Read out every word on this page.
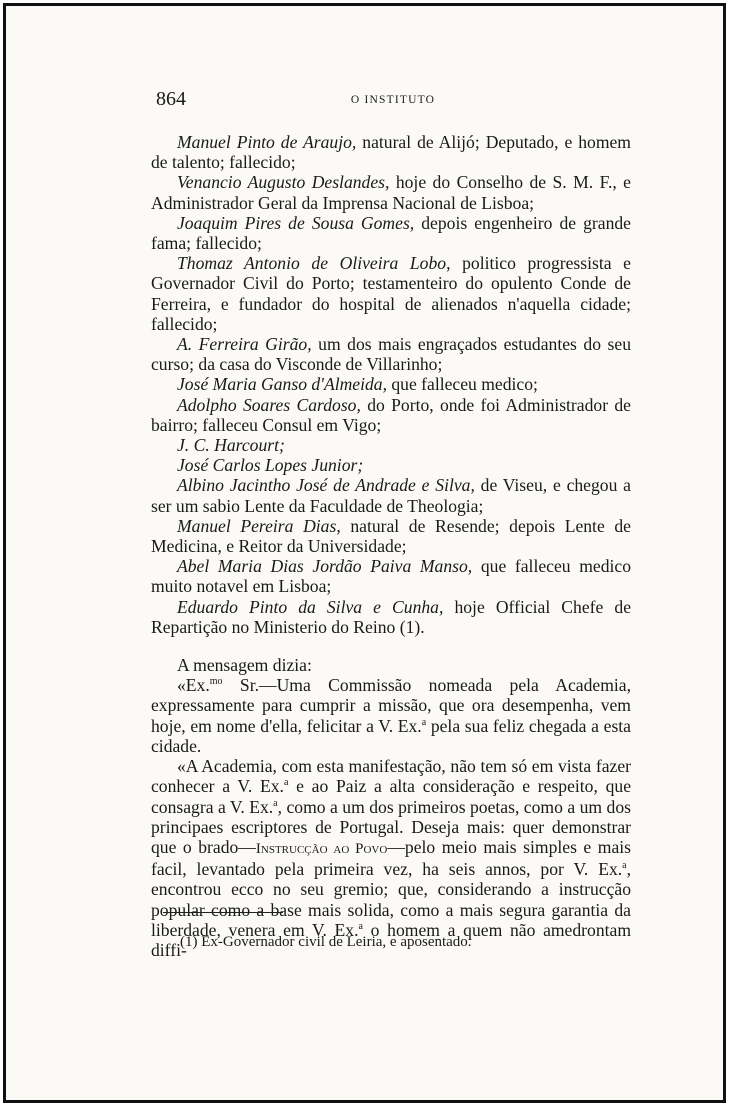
864	O INSTITUTO

Manuel Pinto de Araujo, natural de Alijó; Deputado, e homem de talento; fallecido;

Venancio Augusto Deslandes, hoje do Conselho de S. M. F., e Administrador Geral da Imprensa Nacional de Lisboa;

Joaquim Pires de Sousa Gomes, depois engenheiro de grande fama; fallecido;

Thomaz Antonio de Oliveira Lobo, politico progressista e Governador Civil do Porto; testamenteiro do opulento Conde de Ferreira, e fundador do hospital de alienados n'aquella cidade; fallecido;

A. Ferreira Girão, um dos mais engraçados estudantes do seu curso; da casa do Visconde de Villarinho;

José Maria Ganso d'Almeida, que falleceu medico;

Adolpho Soares Cardoso, do Porto, onde foi Administrador de bairro; falleceu Consul em Vigo;

J. C. Harcourt;

José Carlos Lopes Junior;

Albino Jacintho José de Andrade e Silva, de Viseu, e chegou a ser um sabio Lente da Faculdade de Theologia;

Manuel Pereira Dias, natural de Resende; depois Lente de Medicina, e Reitor da Universidade;

Abel Maria Dias Jordão Paiva Manso, que falleceu medico muito notavel em Lisboa;

Eduardo Pinto da Silva e Cunha, hoje Official Chefe de Repartição no Ministerio do Reino (1).

A mensagem dizia:

«Ex.$^{mo}$ Sr.—Uma Commissão nomeada pela Academia, expressamente para cumprir a missão, que ora desempenha, vem hoje, em nome d'ella, felicitar a V. Ex.$^a$ pela sua feliz chegada a esta cidade.

«A Academia, com esta manifestação, não tem só em vista fazer conhecer a V. Ex.$^a$ e ao Paiz a alta consideração e respeito, que consagra a V. Ex.$^a$, como a um dos primeiros poetas, como a um dos principaes escriptores de Portugal. Deseja mais: quer demonstrar que o brado—Instrucção ao Povo—pelo meio mais simples e mais facil, levantado pela primeira vez, ha seis annos, por V. Ex.$^a$, encontrou ecco no seu gremio; que, considerando a instrucção popular como a base mais solida, como a mais segura garantia da liberdade, venera em V. Ex.$^a$ o homem a quem não amedrontam diffi-

(1) Ex-Governador civil de Leiria, e aposentado.
